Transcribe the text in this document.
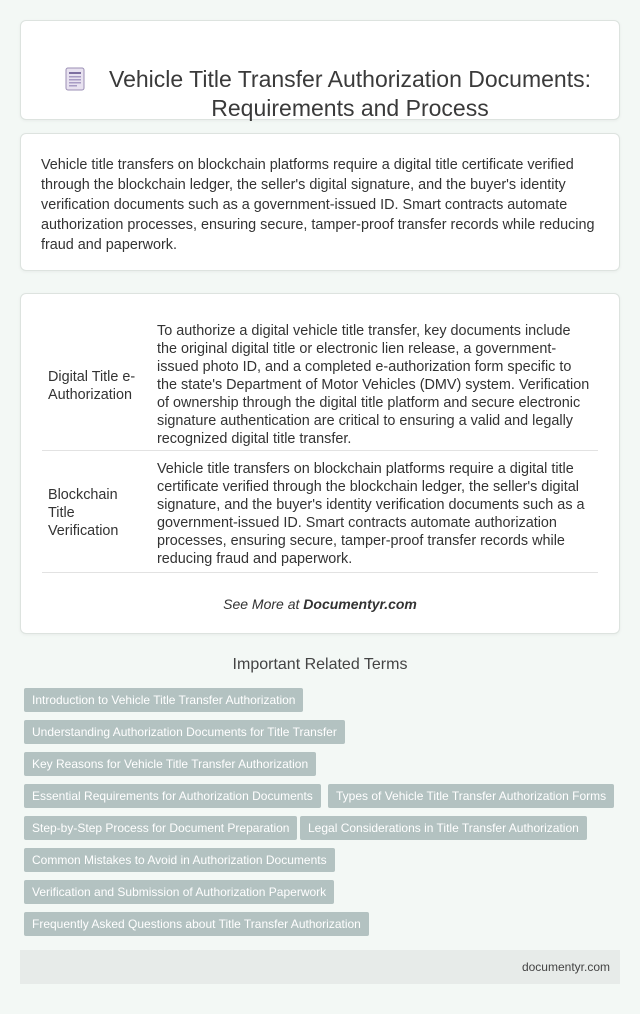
Vehicle Title Transfer Authorization Documents: Requirements and Process

Vehicle title transfers on blockchain platforms require a digital title certificate verified through the blockchain ledger, the seller's digital signature, and the buyer's identity verification documents such as a government-issued ID. Smart contracts automate authorization processes, ensuring secure, tamper-proof transfer records while reducing fraud and paperwork.

Digital Title e-Authorization
To authorize a digital vehicle title transfer, key documents include the original digital title or electronic lien release, a government-issued photo ID, and a completed e-authorization form specific to the state's Department of Motor Vehicles (DMV) system. Verification of ownership through the digital title platform and secure electronic signature authentication are critical to ensuring a valid and legally recognized digital title transfer.
Blockchain Title Verification
Vehicle title transfers on blockchain platforms require a digital title certificate verified through the blockchain ledger, the seller's digital signature, and the buyer's identity verification documents such as a government-issued ID. Smart contracts automate authorization processes, ensuring secure, tamper-proof transfer records while reducing fraud and paperwork.
See More at Documentyr.com
Important Related Terms
Introduction to Vehicle Title Transfer Authorization
Understanding Authorization Documents for Title Transfer
Key Reasons for Vehicle Title Transfer Authorization
Essential Requirements for Authorization Documents	Types of Vehicle Title Transfer Authorization Forms
Step-by-Step Process for Document Preparation	Legal Considerations in Title Transfer Authorization
Common Mistakes to Avoid in Authorization Documents
Verification and Submission of Authorization Paperwork
Frequently Asked Questions about Title Transfer Authorization
documentyr.com
